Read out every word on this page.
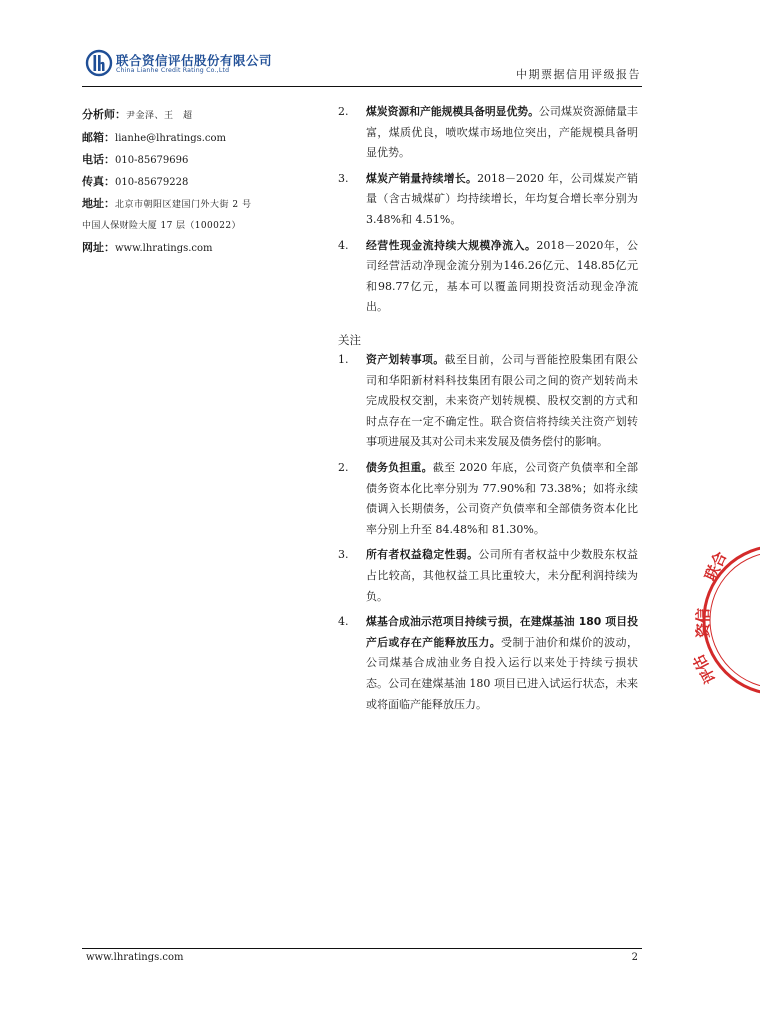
联合资信评估股份有限公司
China Lianhe Credit Rating Co.,Ltd	中期票据信用评级报告
分析师：尹金泽、王　超
邮箱：lianhe@lhratings.com
电话：010-85679696
传真：010-85679228
地址：北京市朝阳区建国门外大街 2 号
中国人保财险大厦 17 层（100022）
网址：www.lhratings.com
2. 煤炭资源和产能规模具备明显优势。公司煤炭资源储量丰富，煤质优良，喷吹煤市场地位突出，产能规模具备明显优势。
3. 煤炭产销量持续增长。2018－2020 年，公司煤炭产销量（含古城煤矿）均持续增长，年均复合增长率分别为 3.48%和 4.51%。
4. 经营性现金流持续大规模净流入。2018－2020年，公司经营活动净现金流分别为146.26亿元、148.85亿元和98.77亿元，基本可以覆盖同期投资活动现金净流出。
关注
1. 资产划转事项。截至目前，公司与晋能控股集团有限公司和华阳新材料科技集团有限公司之间的资产划转尚未完成股权交割，未来资产划转规模、股权交割的方式和时点存在一定不确定性。联合资信将持续关注资产划转事项进展及其对公司未来发展及债务偿付的影响。
2. 债务负担重。截至 2020 年底，公司资产负债率和全部债务资本化比率分别为 77.90%和 73.38%；如将永续债调入长期债务，公司资产负债率和全部债务资本化比率分别上升至 84.48%和 81.30%。
3. 所有者权益稳定性弱。公司所有者权益中少数股东权益占比较高，其他权益工具比重较大，未分配利润持续为负。
4. 煤基合成油示范项目持续亏损，在建煤基油 180 项目投产后或存在产能释放压力。受制于油价和煤价的波动，公司煤基合成油业务自投入运行以来处于持续亏损状态。公司在建煤基油 180 项目已进入试运行状态，未来或将面临产能释放压力。
联合
资信
评估
www.lhratings.com	2
